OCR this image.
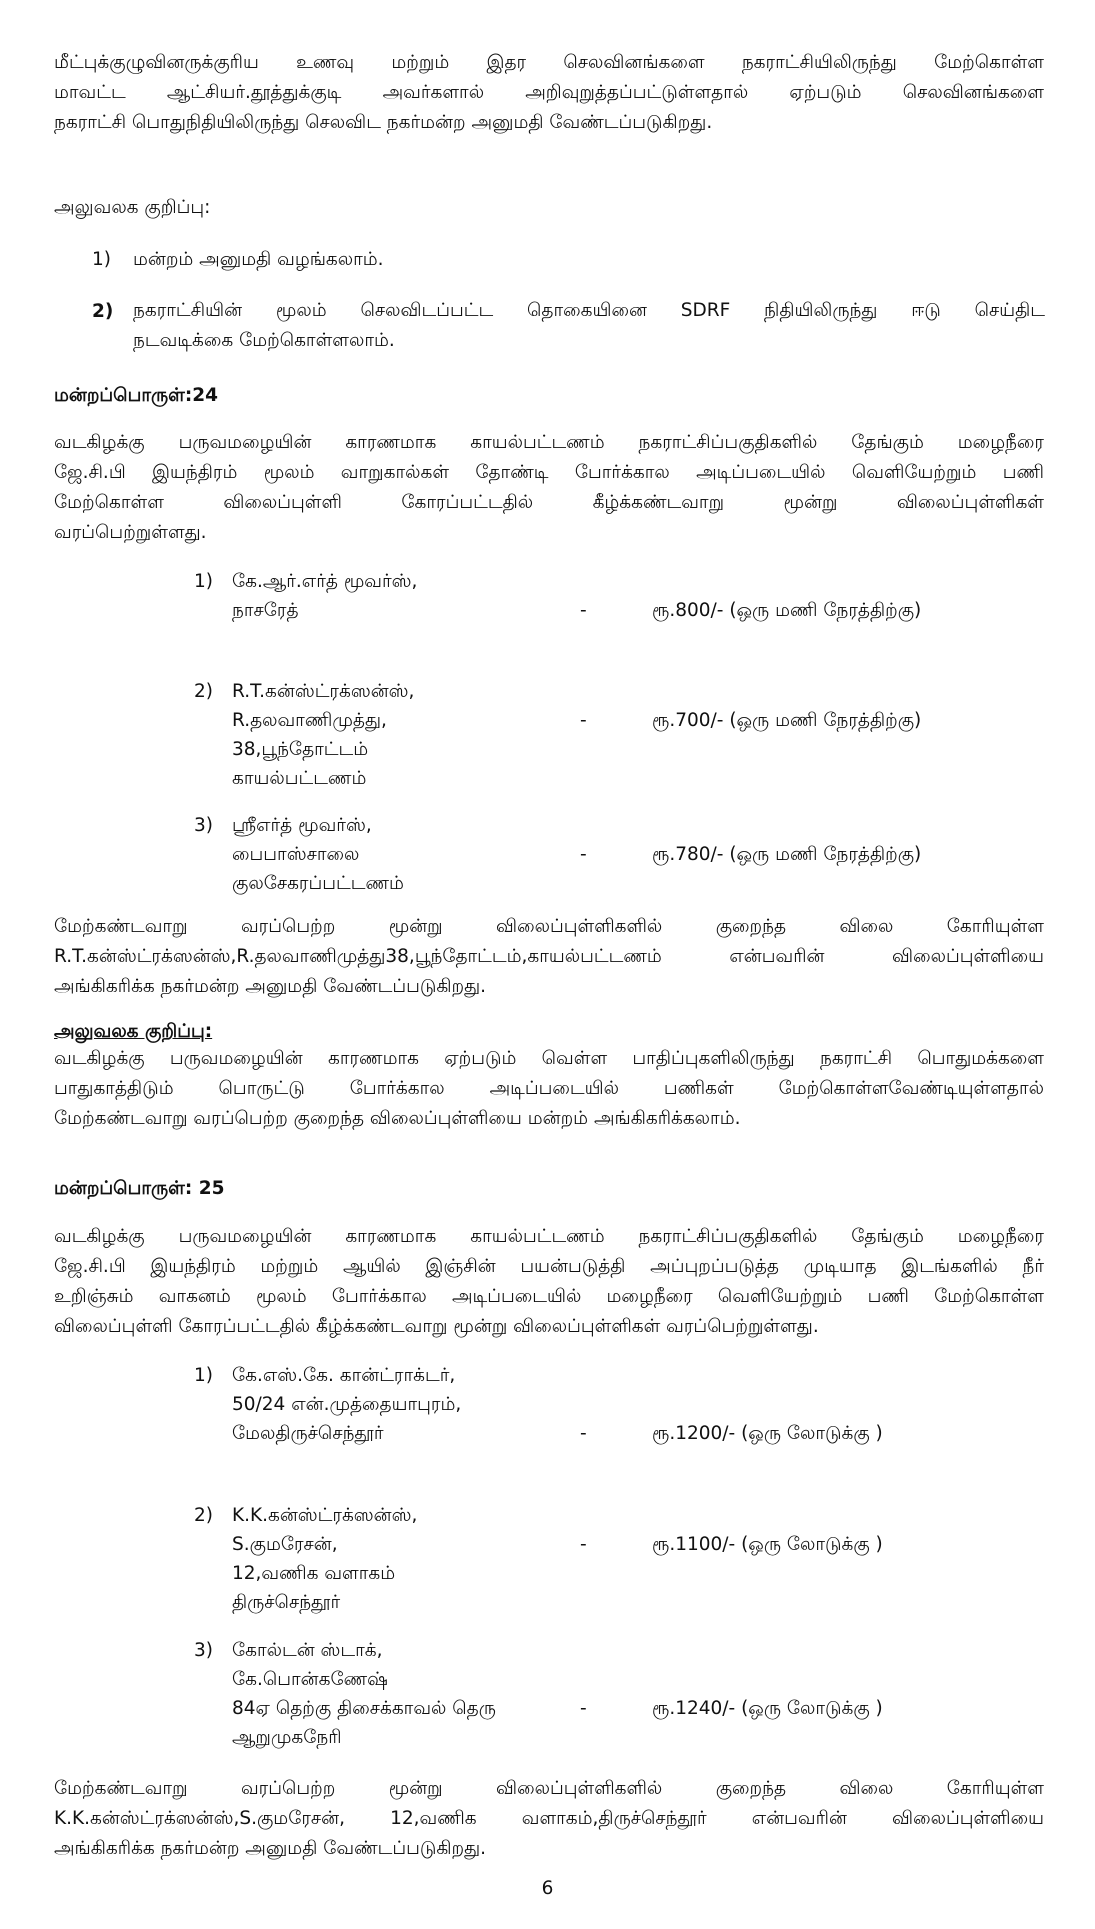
மீட்புக்குழுவினருக்குரிய உணவு மற்றும் இதர செலவினங்களை நகராட்சியிலிருந்து மேற்கொள்ள
மாவட்ட ஆட்சியர்.தூத்துக்குடி அவர்களால் அறிவுறுத்தப்பட்டுள்ளதால் ஏற்படும் செலவினங்களை
நகராட்சி பொதுநிதியிலிருந்து செலவிட நகர்மன்ற அனுமதி வேண்டப்படுகிறது.
அலுவலக குறிப்பு:
1) மன்றம் அனுமதி வழங்கலாம்.
2) நகராட்சியின் மூலம் செலவிடப்பட்ட தொகையினை SDRF நிதியிலிருந்து ஈடு செய்திட
நடவடிக்கை மேற்கொள்ளலாம்.
மன்றப்பொருள்:24
வடகிழக்கு பருவமழையின் காரணமாக காயல்பட்டணம் நகராட்சிப்பகுதிகளில் தேங்கும் மழைநீரை
ஜே.சி.பி இயந்திரம் மூலம் வாறுகால்கள் தோண்டி போர்க்கால அடிப்படையில் வெளியேற்றும் பணி
மேற்கொள்ள விலைப்புள்ளி கோரப்பட்டதில் கீழ்க்கண்டவாறு மூன்று விலைப்புள்ளிகள்
வரப்பெற்றுள்ளது.
1) கே.ஆர்.எர்த் மூவர்ஸ்,
நாசரேத்	-	ரூ.800/- (ஒரு மணி நேரத்திற்கு)
2) R.T.கன்ஸ்ட்ரக்ஸன்ஸ்,
R.தலவாணிமுத்து,
38,பூந்தோட்டம்
காயல்பட்டணம்
-	ரூ.700/- (ஒரு மணி நேரத்திற்கு)
3) ஸ்ரீஎர்த் மூவர்ஸ்,
பைபாஸ்சாலை
குலசேகரப்பட்டணம்
-	ரூ.780/- (ஒரு மணி நேரத்திற்கு)
மேற்கண்டவாறு வரப்பெற்ற மூன்று விலைப்புள்ளிகளில் குறைந்த விலை கோரியுள்ள
R.T.கன்ஸ்ட்ரக்ஸன்ஸ்,R.தலவாணிமுத்து38,பூந்தோட்டம்,காயல்பட்டணம் என்பவரின் விலைப்புள்ளியை
அங்கிகரிக்க நகர்மன்ற அனுமதி வேண்டப்படுகிறது.
அலுவலக குறிப்பு:
வடகிழக்கு பருவமழையின் காரணமாக ஏற்படும் வெள்ள பாதிப்புகளிலிருந்து நகராட்சி பொதுமக்களை
பாதுகாத்திடும் பொருட்டு போர்க்கால அடிப்படையில் பணிகள் மேற்கொள்ளவேண்டியுள்ளதால்
மேற்கண்டவாறு வரப்பெற்ற குறைந்த விலைப்புள்ளியை மன்றம் அங்கிகரிக்கலாம்.
மன்றப்பொருள்: 25
வடகிழக்கு பருவமழையின் காரணமாக காயல்பட்டணம் நகராட்சிப்பகுதிகளில் தேங்கும் மழைநீரை
ஜே.சி.பி இயந்திரம் மற்றும் ஆயில் இஞ்சின் பயன்படுத்தி அப்புறப்படுத்த முடியாத இடங்களில் நீர்
உறிஞ்சும் வாகனம் மூலம் போர்க்கால அடிப்படையில் மழைநீரை வெளியேற்றும் பணி மேற்கொள்ள
விலைப்புள்ளி கோரப்பட்டதில் கீழ்க்கண்டவாறு மூன்று விலைப்புள்ளிகள் வரப்பெற்றுள்ளது.
1) கே.எஸ்.கே. கான்ட்ராக்டர்,
50/24 என்.முத்தையாபுரம்,
மேலதிருச்செந்தூர்	-	ரூ.1200/- (ஒரு லோடுக்கு )
2) K.K.கன்ஸ்ட்ரக்ஸன்ஸ்,
S.குமரேசன்,
12,வணிக வளாகம்
திருச்செந்தூர்
-	ரூ.1100/- (ஒரு லோடுக்கு )
3) கோல்டன் ஸ்டாக்,
கே.பொன்கணேஷ்
84ஏ தெற்கு திசைக்காவல் தெரு
ஆறுமுகநேரி
-	ரூ.1240/- (ஒரு லோடுக்கு )
மேற்கண்டவாறு வரப்பெற்ற மூன்று விலைப்புள்ளிகளில் குறைந்த விலை கோரியுள்ள
K.K.கன்ஸ்ட்ரக்ஸன்ஸ்,S.குமரேசன், 12,வணிக வளாகம்,திருச்செந்தூர் என்பவரின் விலைப்புள்ளியை
அங்கிகரிக்க நகர்மன்ற அனுமதி வேண்டப்படுகிறது.
6
